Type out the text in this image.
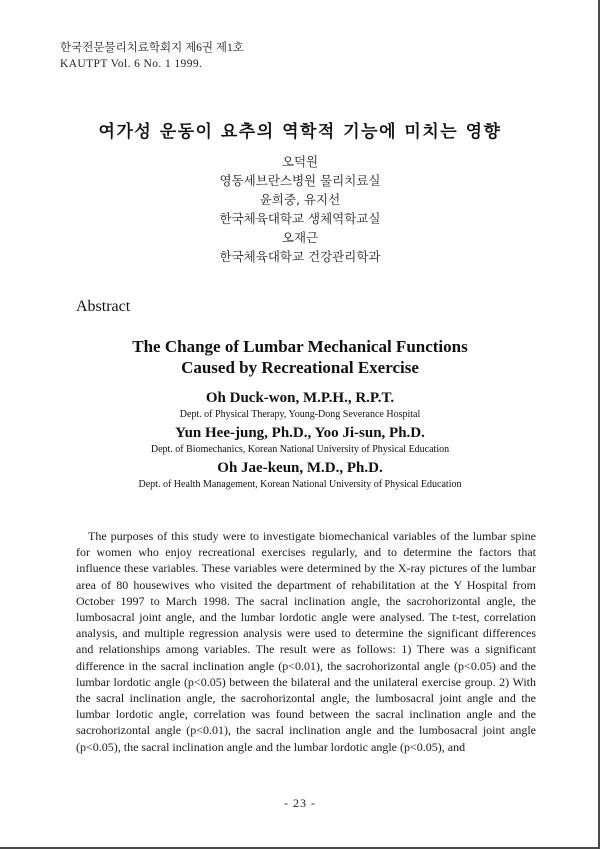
한국전문물리치료학회지 제6권 제1호
KAUTPT Vol. 6 No. 1 1999.
여가성 운동이 요추의 역학적 기능에 미치는 영향
오덕원
영동세브란스병원 물리치료실
윤희중, 유지선
한국체육대학교 생체역학교실
오재근
한국체육대학교 건강관리학과
Abstract
The Change of Lumbar Mechanical Functions
Caused by Recreational Exercise
Oh Duck-won, M.P.H., R.P.T.
Dept. of Physical Therapy, Young-Dong Severance Hospital
Yun Hee-jung, Ph.D., Yoo Ji-sun, Ph.D.
Dept. of Biomechanics, Korean National University of Physical Education
Oh Jae-keun, M.D., Ph.D.
Dept. of Health Management, Korean National University of Physical Education

The purposes of this study were to investigate biomechanical variables of the lumbar spine for women who enjoy recreational exercises regularly, and to determine the factors that influence these variables. These variables were determined by the X-ray pictures of the lumbar area of 80 housewives who visited the department of rehabilitation at the Y Hospital from October 1997 to March 1998. The sacral inclination angle, the sacrohorizontal angle, the lumbosacral joint angle, and the lumbar lordotic angle were analysed. The t-test, correlation analysis, and multiple regression analysis were used to determine the significant differences and relationships among variables. The result were as follows: 1) There was a significant difference in the sacral inclination angle (p<0.01), the sacrohorizontal angle (p<0.05) and the lumbar lordotic angle (p<0.05) between the bilateral and the unilateral exercise group. 2) With the sacral inclination angle, the sacrohorizontal angle, the lumbosacral joint angle and the lumbar lordotic angle, correlation was found between the sacral inclination angle and the sacrohorizontal angle (p<0.01), the sacral inclination angle and the lumbosacral joint angle (p<0.05), the sacral inclination angle and the lumbar lordotic angle (p<0.05), and

- 23 -
